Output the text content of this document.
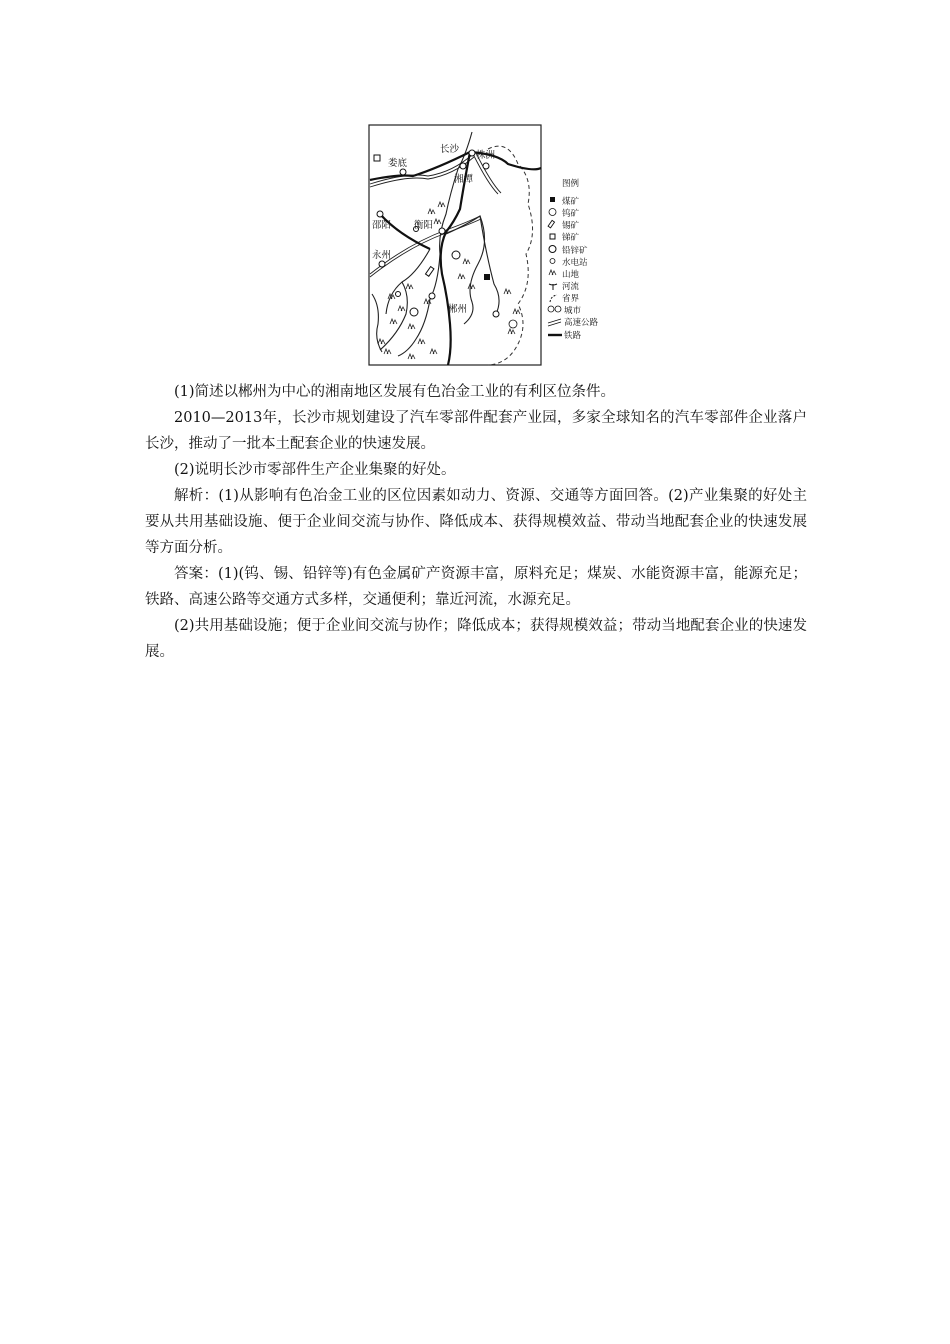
长沙
株洲
娄底
湘潭
邵阳 衡阳
永州
郴州
图例
煤矿
钨矿
锡矿
锑矿
铅锌矿
水电站
山地
河流
省界
城市
高速公路
铁路

(1)简述以郴州为中心的湘南地区发展有色冶金工业的有利区位条件。

2010—2013年，长沙市规划建设了汽车零部件配套产业园，多家全球知名的汽车零部件企业落户长沙，推动了一批本土配套企业的快速发展。

(2)说明长沙市零部件生产企业集聚的好处。

解析：(1)从影响有色冶金工业的区位因素如动力、资源、交通等方面回答。(2)产业集聚的好处主要从共用基础设施、便于企业间交流与协作、降低成本、获得规模效益、带动当地配套企业的快速发展等方面分析。

答案：(1)(钨、锡、铅锌等)有色金属矿产资源丰富，原料充足；煤炭、水能资源丰富，能源充足；铁路、高速公路等交通方式多样，交通便利；靠近河流，水源充足。

(2)共用基础设施；便于企业间交流与协作；降低成本；获得规模效益；带动当地配套企业的快速发展。
